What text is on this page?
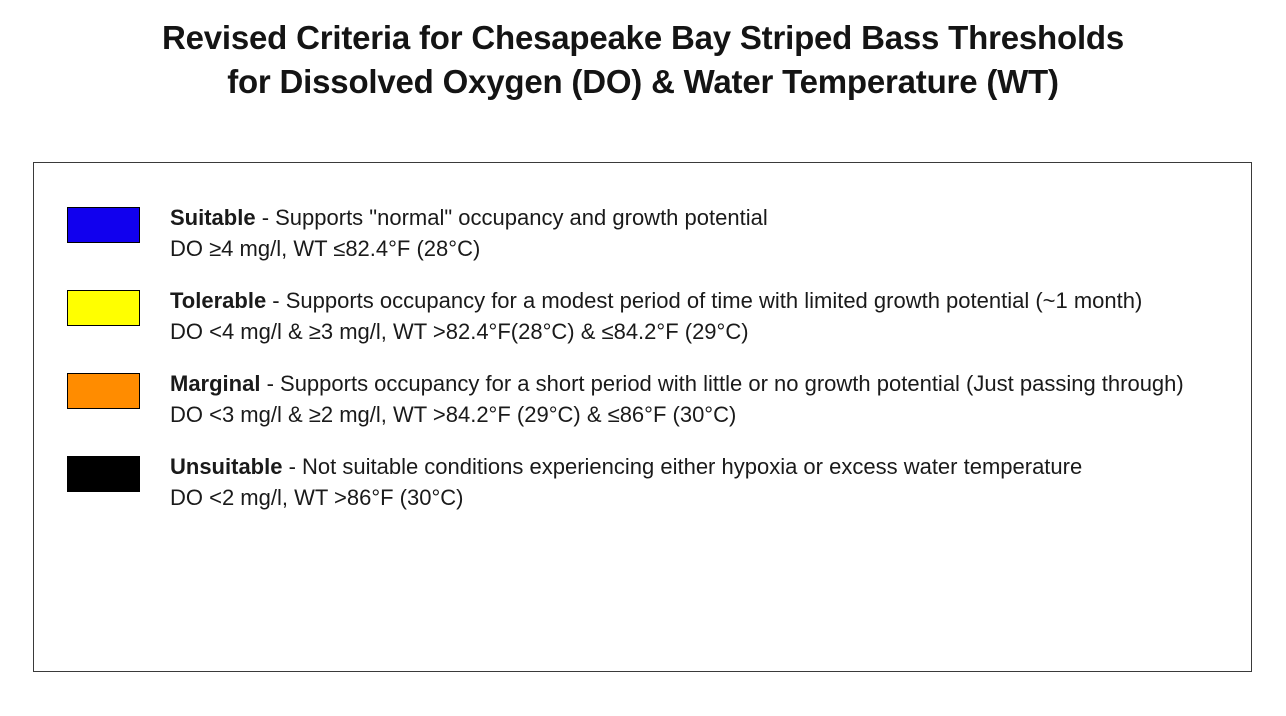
Revised Criteria for Chesapeake Bay Striped Bass Thresholds
for Dissolved Oxygen (DO) & Water Temperature (WT)
Suitable - Supports "normal" occupancy and growth potential
DO ≥4 mg/l, WT ≤82.4°F (28°C)
Tolerable - Supports occupancy for a modest period of time with limited growth potential (~1 month)
DO <4 mg/l & ≥3 mg/l, WT >82.4°F(28°C) & ≤84.2°F (29°C)
Marginal - Supports occupancy for a short period with little or no growth potential (Just passing through)
DO <3 mg/l & ≥2 mg/l, WT >84.2°F (29°C) & ≤86°F (30°C)
Unsuitable - Not suitable conditions experiencing either hypoxia or excess water temperature
DO <2 mg/l, WT >86°F (30°C)
